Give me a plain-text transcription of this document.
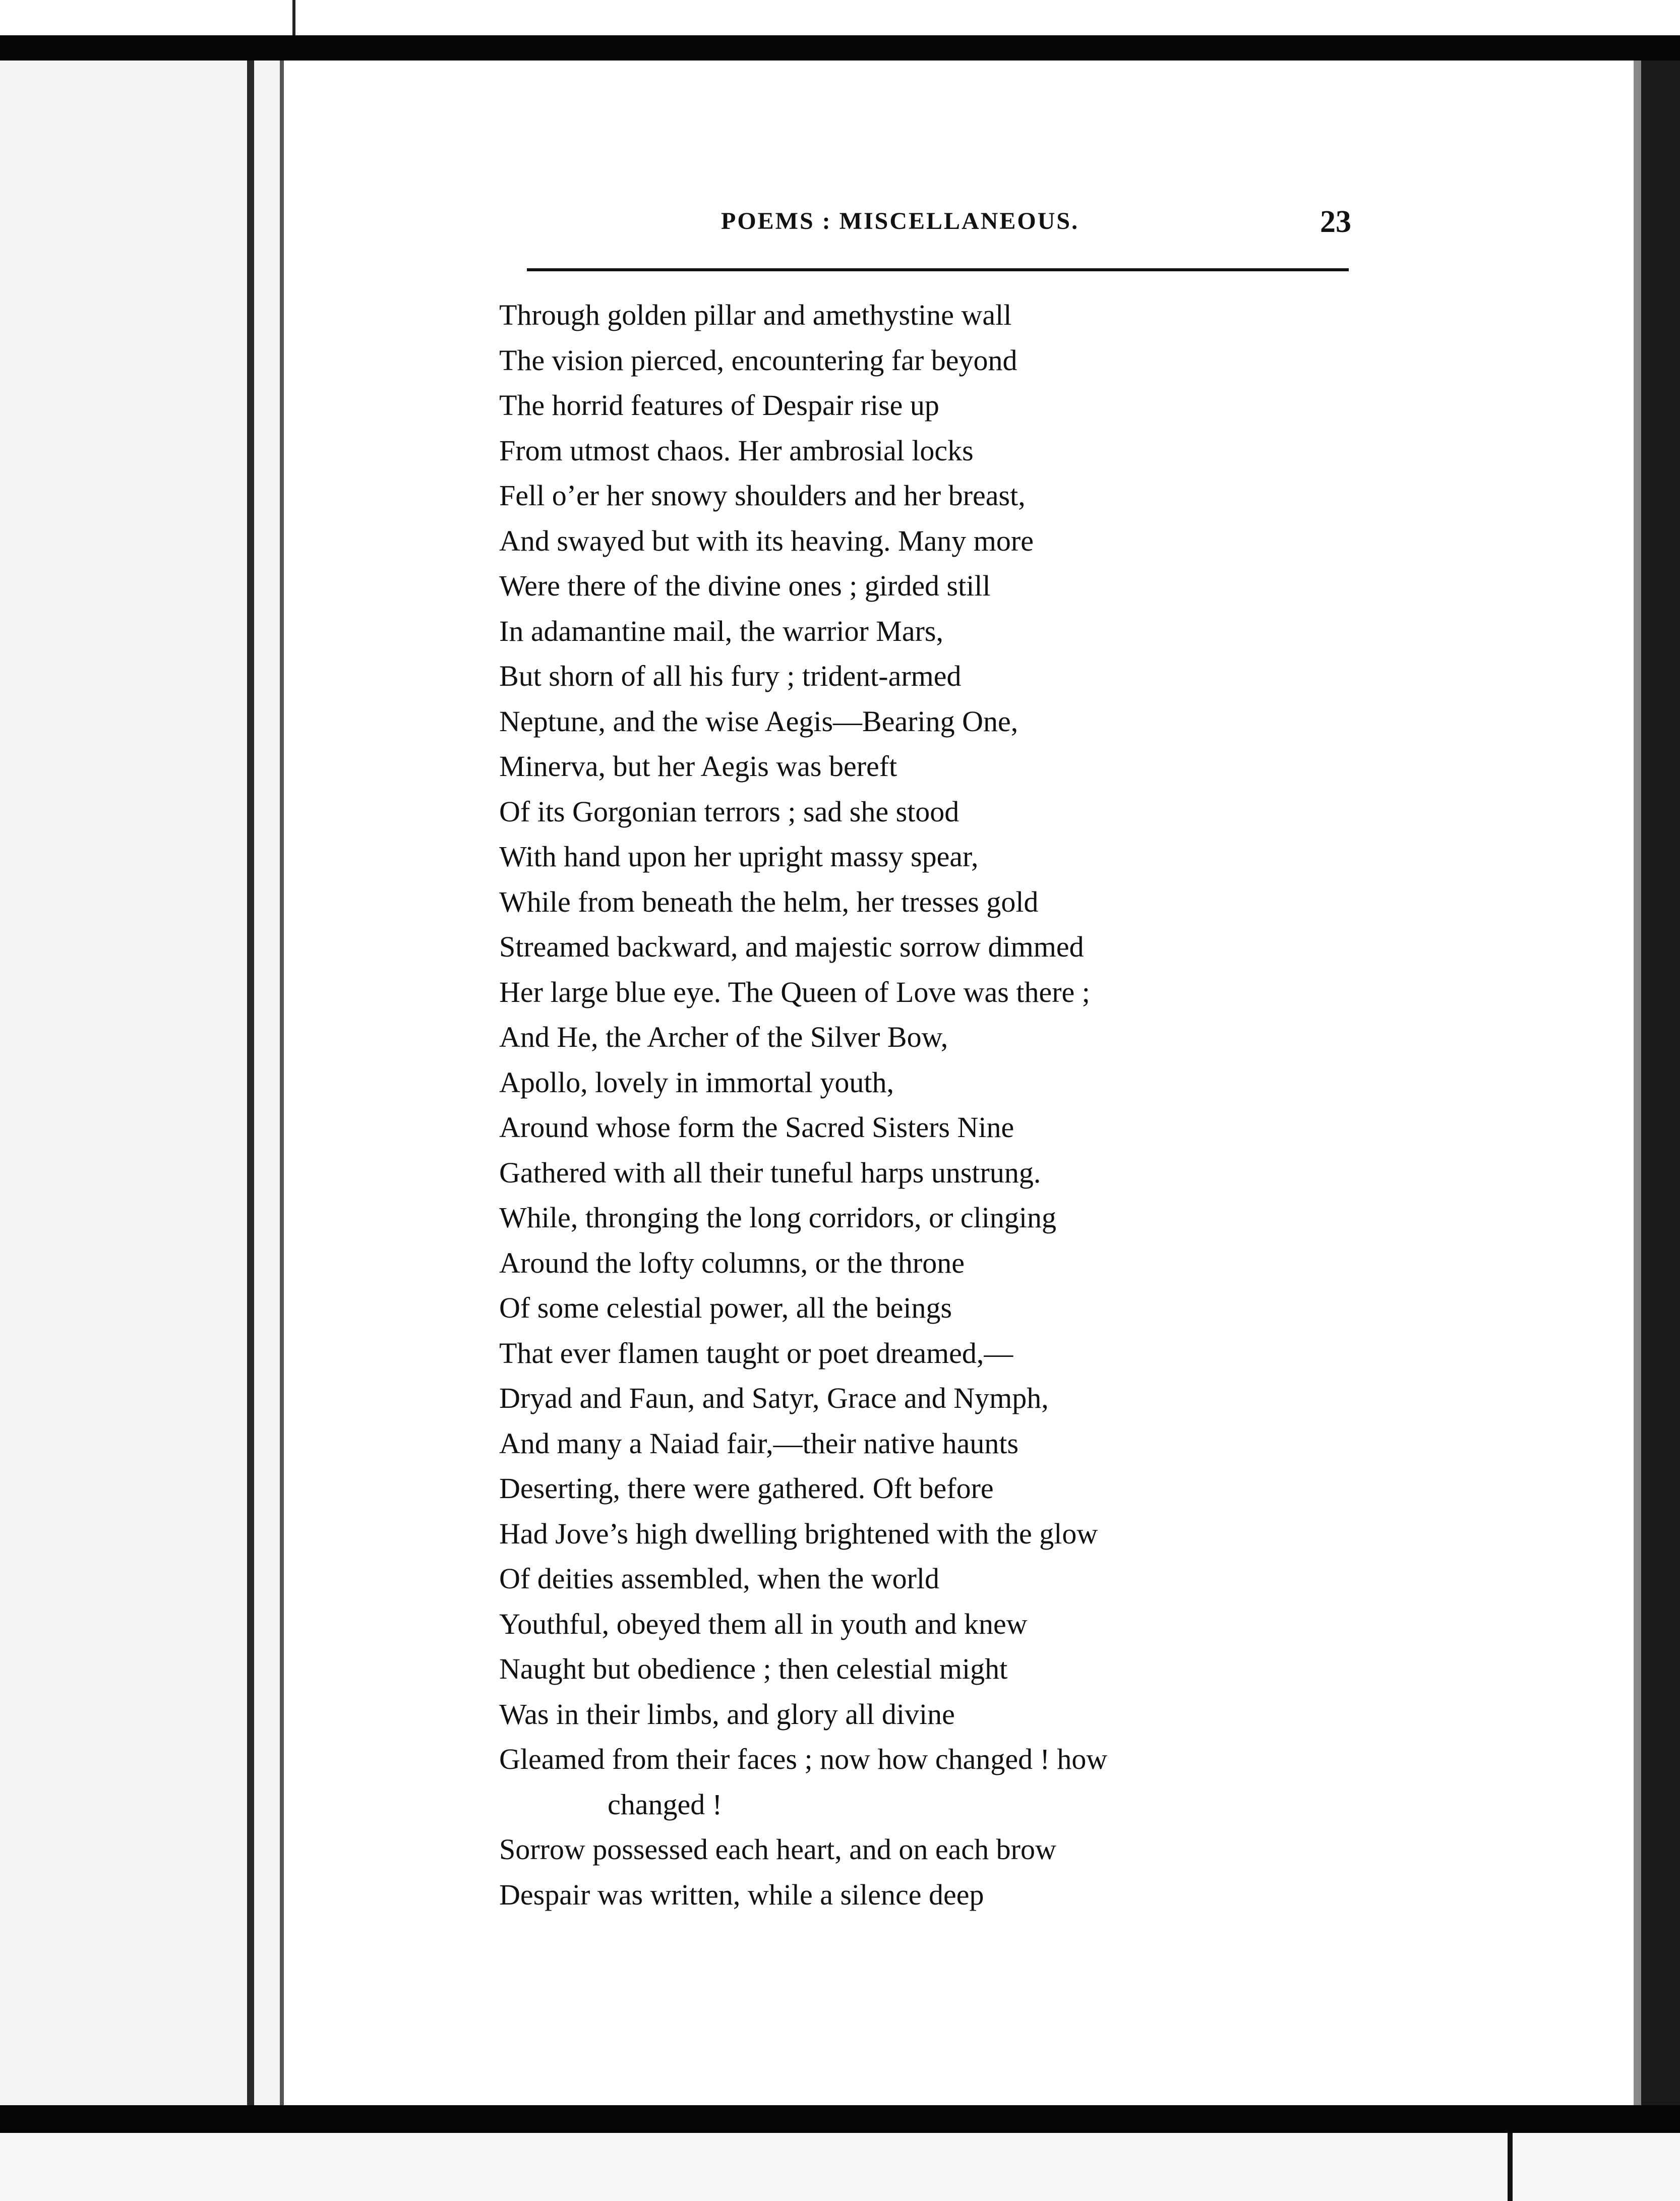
POEMS : MISCELLANEOUS.	23
Through golden pillar and amethystine wall
The vision pierced, encountering far beyond
The horrid features of Despair rise up
From utmost chaos. Her ambrosial locks
Fell o’er her snowy shoulders and her breast,
And swayed but with its heaving. Many more
Were there of the divine ones ; girded still
In adamantine mail, the warrior Mars,
But shorn of all his fury ; trident-armed
Neptune, and the wise Aegis—Bearing One,
Minerva, but her Aegis was bereft
Of its Gorgonian terrors ; sad she stood
With hand upon her upright massy spear,
While from beneath the helm, her tresses gold
Streamed backward, and majestic sorrow dimmed
Her large blue eye. The Queen of Love was there ;
And He, the Archer of the Silver Bow,
Apollo, lovely in immortal youth,
Around whose form the Sacred Sisters Nine
Gathered with all their tuneful harps unstrung.
While, thronging the long corridors, or clinging
Around the lofty columns, or the throne
Of some celestial power, all the beings
That ever flamen taught or poet dreamed,—
Dryad and Faun, and Satyr, Grace and Nymph,
And many a Naiad fair,—their native haunts
Deserting, there were gathered. Oft before
Had Jove’s high dwelling brightened with the glow
Of deities assembled, when the world
Youthful, obeyed them all in youth and knew
Naught but obedience ; then celestial might
Was in their limbs, and glory all divine
Gleamed from their faces ; now how changed ! how
changed !
Sorrow possessed each heart, and on each brow
Despair was written, while a silence deep
